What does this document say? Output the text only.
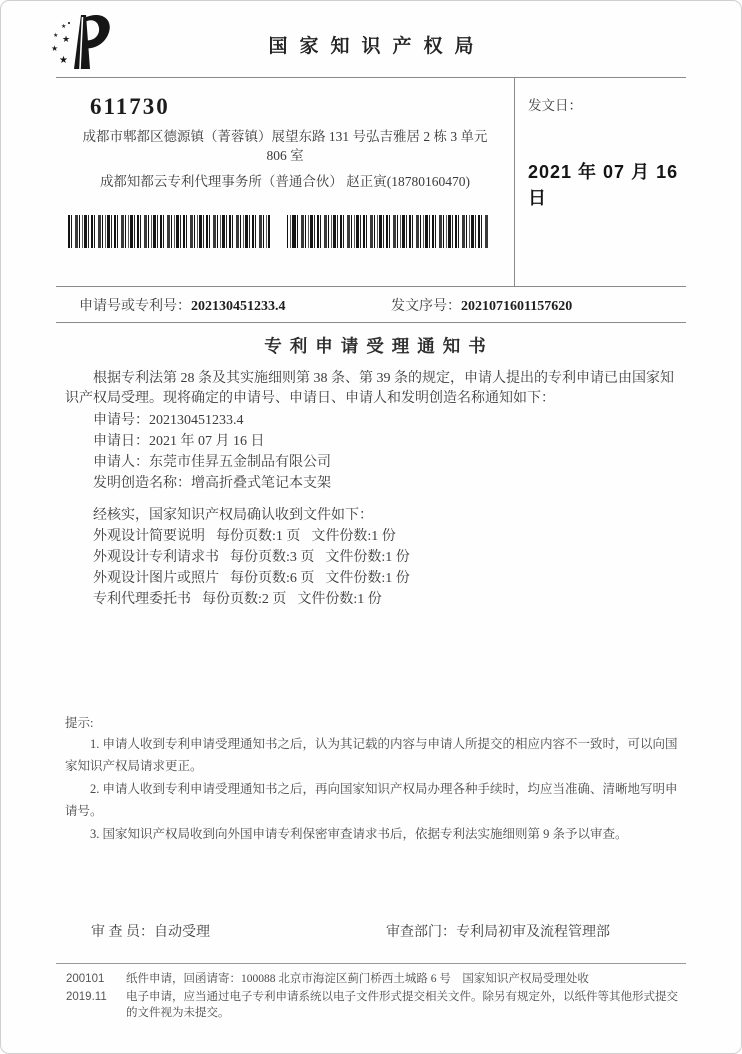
★
★ ★
★
★
国家知识产权局
611730
成都市郫都区德源镇（菁蓉镇）展望东路 131 号弘吉雅居 2 栋 3 单元
806 室
成都知都云专利代理事务所（普通合伙） 赵正寅(18780160470)
发文日：
2021 年 07 月 16 日
申请号或专利号：202130451233.4	发文序号：2021071601157620
专利申请受理通知书

根据专利法第 28 条及其实施细则第 38 条、第 39 条的规定，申请人提出的专利申请已由国家知识产权局受理。现将确定的申请号、申请日、申请人和发明创造名称通知如下：

申请号：202130451233.4
申请日：2021 年 07 月 16 日
申请人：东莞市佳昇五金制品有限公司
发明创造名称：增高折叠式笔记本支架
经核实，国家知识产权局确认收到文件如下：
外观设计简要说明 每份页数:1 页 文件份数:1 份
外观设计专利请求书 每份页数:3 页 文件份数:1 份
外观设计图片或照片 每份页数:6 页 文件份数:1 份
专利代理委托书 每份页数:2 页 文件份数:1 份
提示:

1. 申请人收到专利申请受理通知书之后，认为其记载的内容与申请人所提交的相应内容不一致时，可以向国家知识产权局请求更正。

2. 申请人收到专利申请受理通知书之后，再向国家知识产权局办理各种手续时，均应当准确、清晰地写明申请号。

3. 国家知识产权局收到向外国申请专利保密审查请求书后，依据专利法实施细则第 9 条予以审查。

审 查 员：自动受理	审查部门：专利局初审及流程管理部
200101	纸件申请，回函请寄：100088 北京市海淀区蓟门桥西土城路 6 号　国家知识产权局受理处收

2019.11	电子申请，应当通过电子专利申请系统以电子文件形式提交相关文件。除另有规定外，以纸件等其他形式提交的文件视为未提交。
